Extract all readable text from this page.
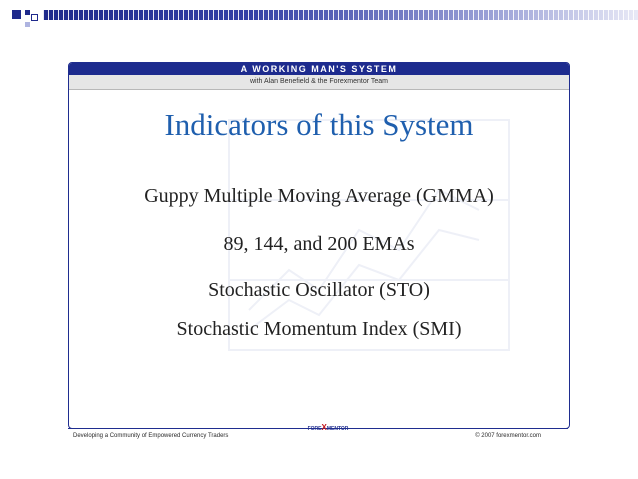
A WORKING MAN'S SYSTEM
with Alan Benefield & the Forexmentor Team
Indicators of this System
Guppy Multiple Moving Average (GMMA)
89, 144, and 200 EMAs
Stochastic Oscillator (STO)
Stochastic Momentum Index (SMI)
FOREXMENTOR
Developing a Community of Empowered Currency Traders	© 2007 forexmentor.com
